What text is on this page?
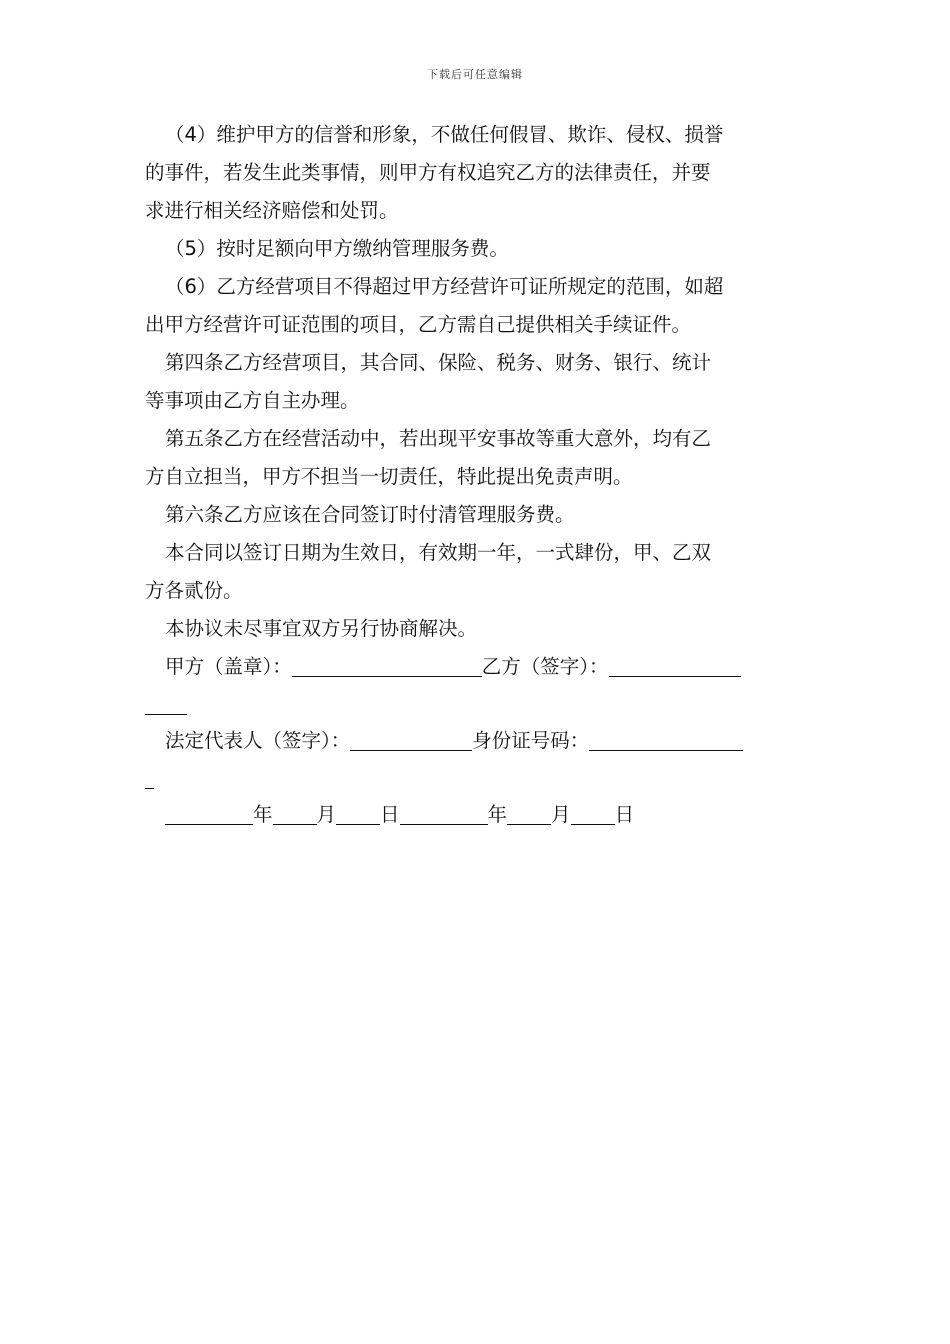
下载后可任意编辑

（4）维护甲方的信誉和形象，不做任何假冒、欺诈、侵权、损誉
的事件，若发生此类事情，则甲方有权追究乙方的法律责任，并要
求进行相关经济赔偿和处罚。

（5）按时足额向甲方缴纳管理服务费。

（6）乙方经营项目不得超过甲方经营许可证所规定的范围，如超
出甲方经营许可证范围的项目，乙方需自己提供相关手续证件。

第四条乙方经营项目，其合同、保险、税务、财务、银行、统计
等事项由乙方自主办理。

第五条乙方在经营活动中，若出现平安事故等重大意外，均有乙
方自立担当，甲方不担当一切责任，特此提出免责声明。

第六条乙方应该在合同签订时付清管理服务费。

本合同以签订日期为生效日，有效期一年，一式肆份，甲、乙双
方各贰份。

本协议未尽事宜双方另行协商解决。

甲方（盖章）：	乙方（签字）：
法定代表人（签字）：	身份证号码：
年 月 日	年 月 日
